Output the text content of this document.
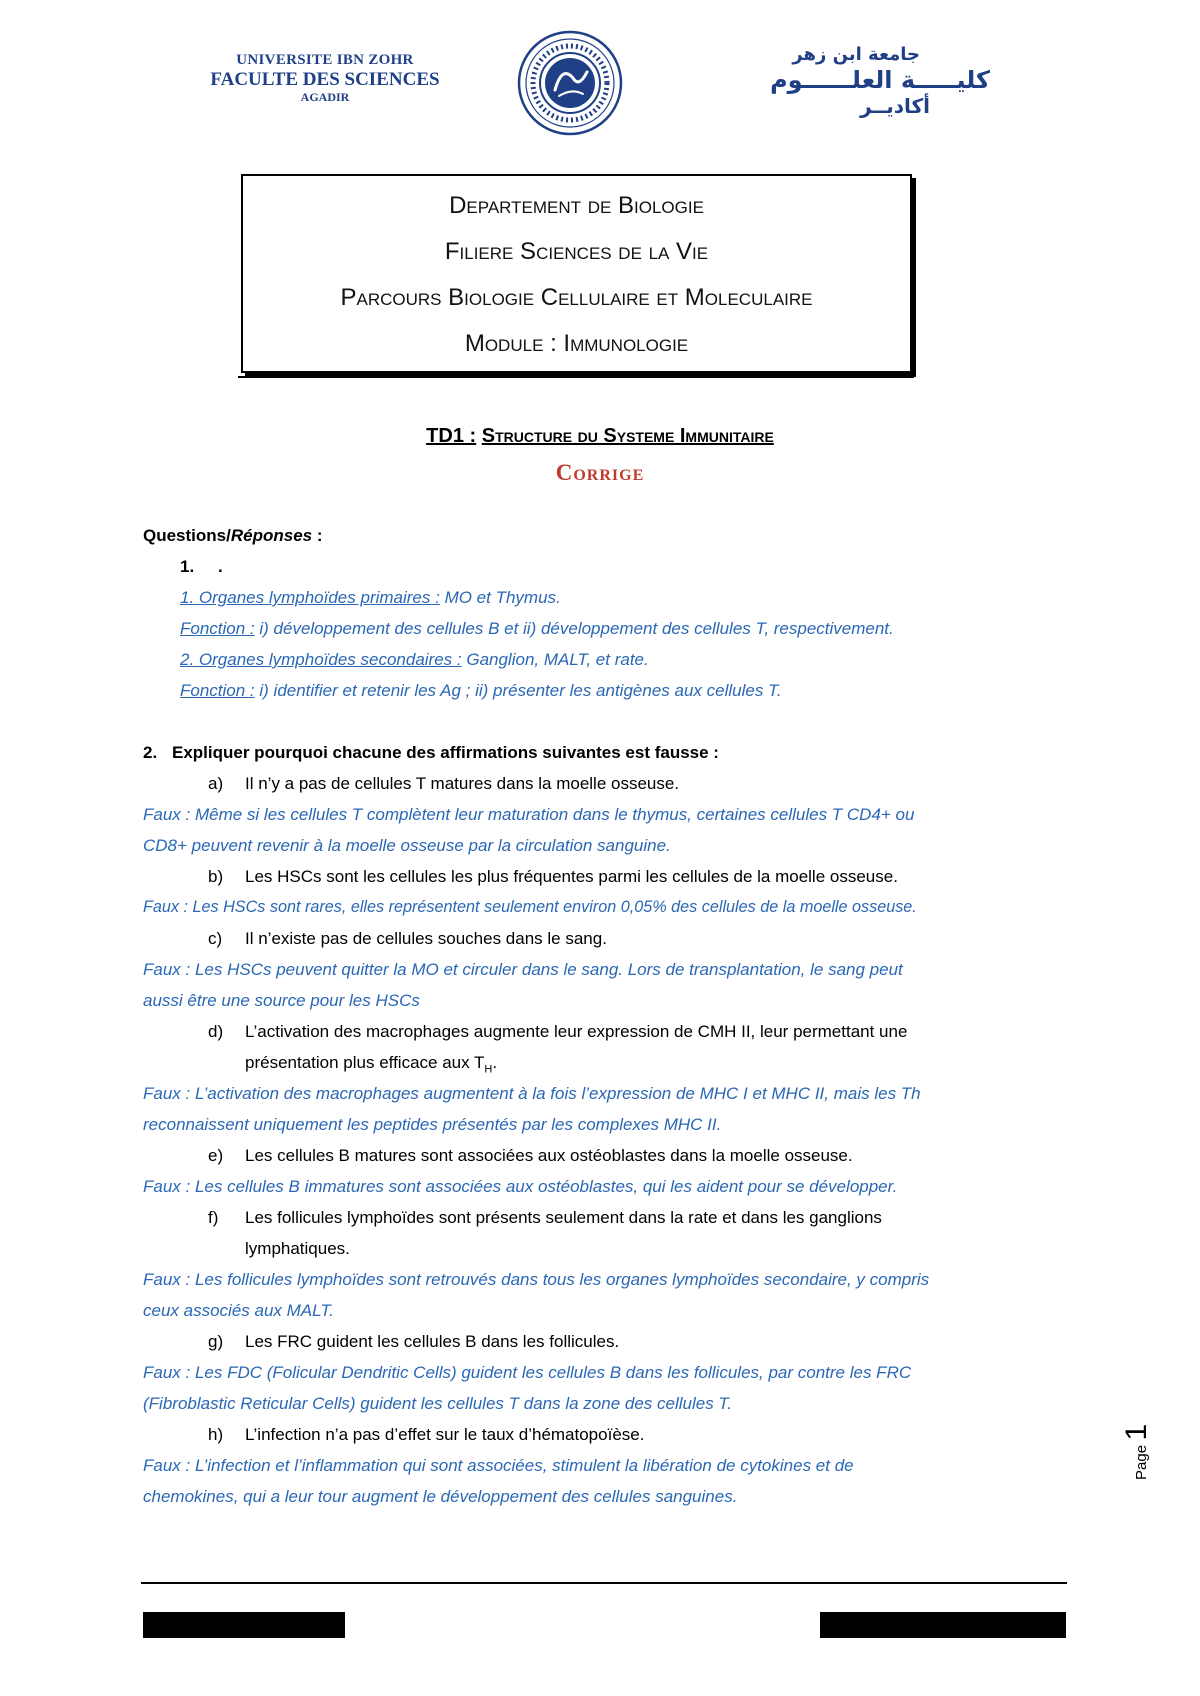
UNIVERSITE IBN ZOHR
FACULTE DES SCIENCES
AGADIR
جامعة ابن زهر
كليـــــة العلــــــوم
أكاديــر
Departement de Biologie
Filiere Sciences de la Vie
Parcours Biologie Cellulaire et Moleculaire
Module : Immunologie
TD1 : Structure du Systeme Immunitaire
Corrige
Questions/Réponses :
1. .
1. Organes lymphoïdes primaires : MO et Thymus.
Fonction : i) développement des cellules B et ii) développement des cellules T, respectivement.
2. Organes lymphoïdes secondaires : Ganglion, MALT, et rate.
Fonction : i) identifier et retenir les Ag ; ii) présenter les antigènes aux cellules T.
2. Expliquer pourquoi chacune des affirmations suivantes est fausse :
a) Il n’y a pas de cellules T matures dans la moelle osseuse.
Faux : Même si les cellules T complètent leur maturation dans le thymus, certaines cellules T CD4+ ou
CD8+ peuvent revenir à la moelle osseuse par la circulation sanguine.
b) Les HSCs sont les cellules les plus fréquentes parmi les cellules de la moelle osseuse.
Faux : Les HSCs sont rares, elles représentent seulement environ 0,05% des cellules de la moelle osseuse.
c) Il n’existe pas de cellules souches dans le sang.
Faux : Les HSCs peuvent quitter la MO et circuler dans le sang. Lors de transplantation, le sang peut
aussi être une source pour les HSCs
d) L’activation des macrophages augmente leur expression de CMH II, leur permettant une
présentation plus efficace aux $T_H$.
Faux : L’activation des macrophages augmentent à la fois l’expression de MHC I et MHC II, mais les Th
reconnaissent uniquement les peptides présentés par les complexes MHC II.
e) Les cellules B matures sont associées aux ostéoblastes dans la moelle osseuse.
Faux : Les cellules B immatures sont associées aux ostéoblastes, qui les aident pour se développer.
f) Les follicules lymphoïdes sont présents seulement dans la rate et dans les ganglions
lymphatiques.
Faux : Les follicules lymphoïdes sont retrouvés dans tous les organes lymphoïdes secondaire, y compris
ceux associés aux MALT.
g) Les FRC guident les cellules B dans les follicules.
Faux : Les FDC (Folicular Dendritic Cells) guident les cellules B dans les follicules, par contre les FRC
(Fibroblastic Reticular Cells) guident les cellules T dans la zone des cellules T.
h) L’infection n’a pas d’effet sur le taux d’hématopoïèse.
Faux : L’infection et l’inflammation qui sont associées, stimulent la libération de cytokines et de
chemokines, qui a leur tour augment le développement des cellules sanguines.
Page 1
